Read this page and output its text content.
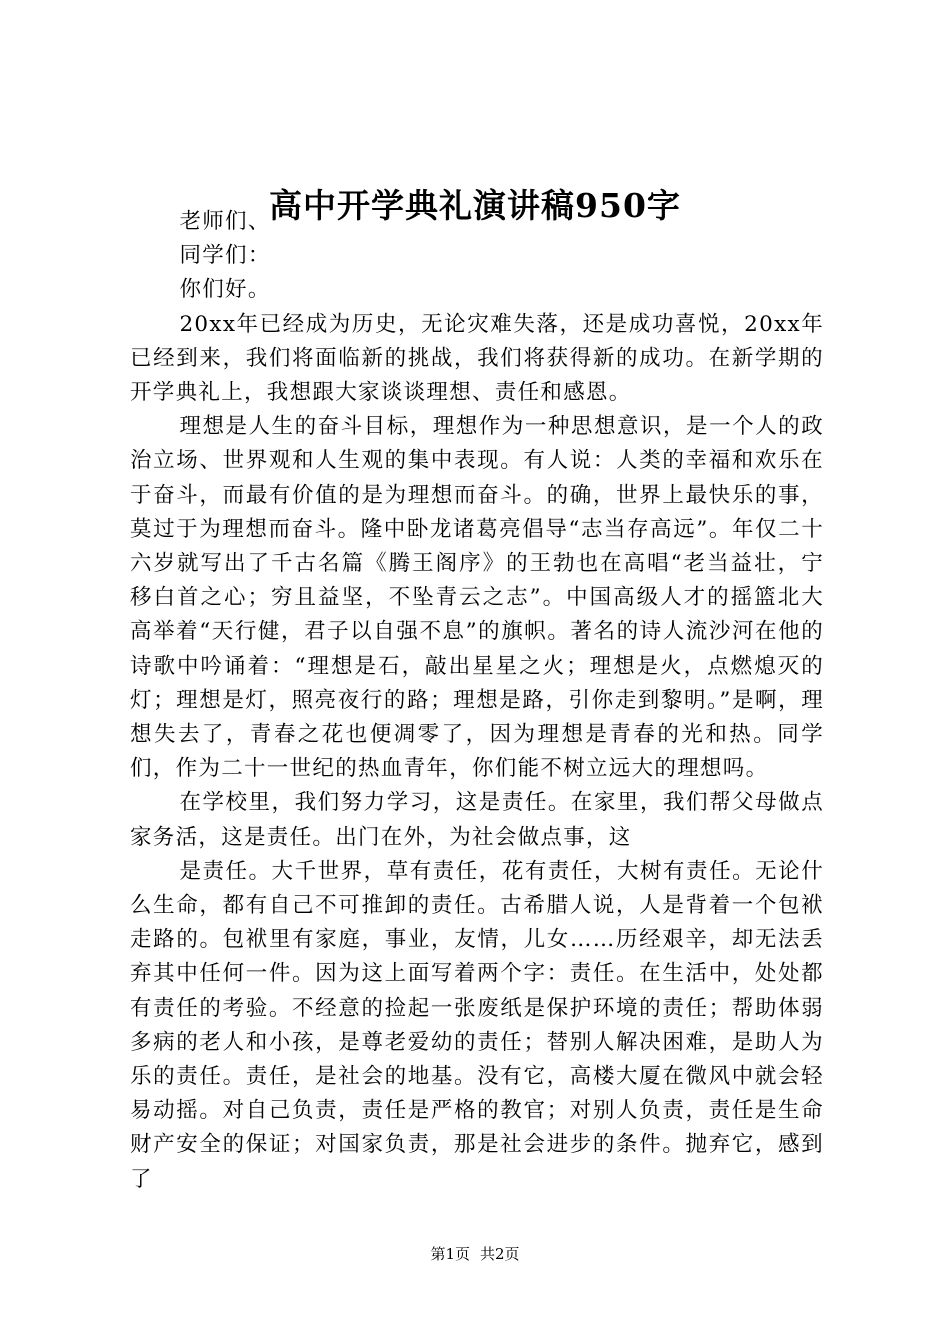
高中开学典礼演讲稿950字

老师们、

同学们：

你们好。

20xx年已经成为历史，无论灾难失落，还是成功喜悦，20xx年已经到来，我们将面临新的挑战，我们将获得新的成功。在新学期的开学典礼上，我想跟大家谈谈理想、责任和感恩。

理想是人生的奋斗目标，理想作为一种思想意识，是一个人的政治立场、世界观和人生观的集中表现。有人说：人类的幸福和欢乐在于奋斗，而最有价值的是为理想而奋斗。的确，世界上最快乐的事，莫过于为理想而奋斗。隆中卧龙诸葛亮倡导“志当存高远”。年仅二十六岁就写出了千古名篇《腾王阁序》的王勃也在高唱“老当益壮，宁移白首之心；穷且益坚，不坠青云之志”。中国高级人才的摇篮北大高举着“天行健，君子以自强不息”的旗帜。著名的诗人流沙河在他的诗歌中吟诵着：“理想是石，敲出星星之火；理想是火，点燃熄灭的灯；理想是灯，照亮夜行的路；理想是路，引你走到黎明。”是啊，理想失去了，青春之花也便凋零了，因为理想是青春的光和热。同学们，作为二十一世纪的热血青年，你们能不树立远大的理想吗。

在学校里，我们努力学习，这是责任。在家里，我们帮父母做点家务活，这是责任。出门在外，为社会做点事，这

是责任。大千世界，草有责任，花有责任，大树有责任。无论什么生命，都有自己不可推卸的责任。古希腊人说，人是背着一个包袱走路的。包袱里有家庭，事业，友情，儿女……历经艰辛，却无法丢弃其中任何一件。因为这上面写着两个字：责任。在生活中，处处都有责任的考验。不经意的捡起一张废纸是保护环境的责任；帮助体弱多病的老人和小孩，是尊老爱幼的责任；替别人解决困难，是助人为乐的责任。责任，是社会的地基。没有它，高楼大厦在微风中就会轻易动摇。对自己负责，责任是严格的教官；对别人负责，责任是生命财产安全的保证；对国家负责，那是社会进步的条件。抛弃它，感到了

第1页 共2页
